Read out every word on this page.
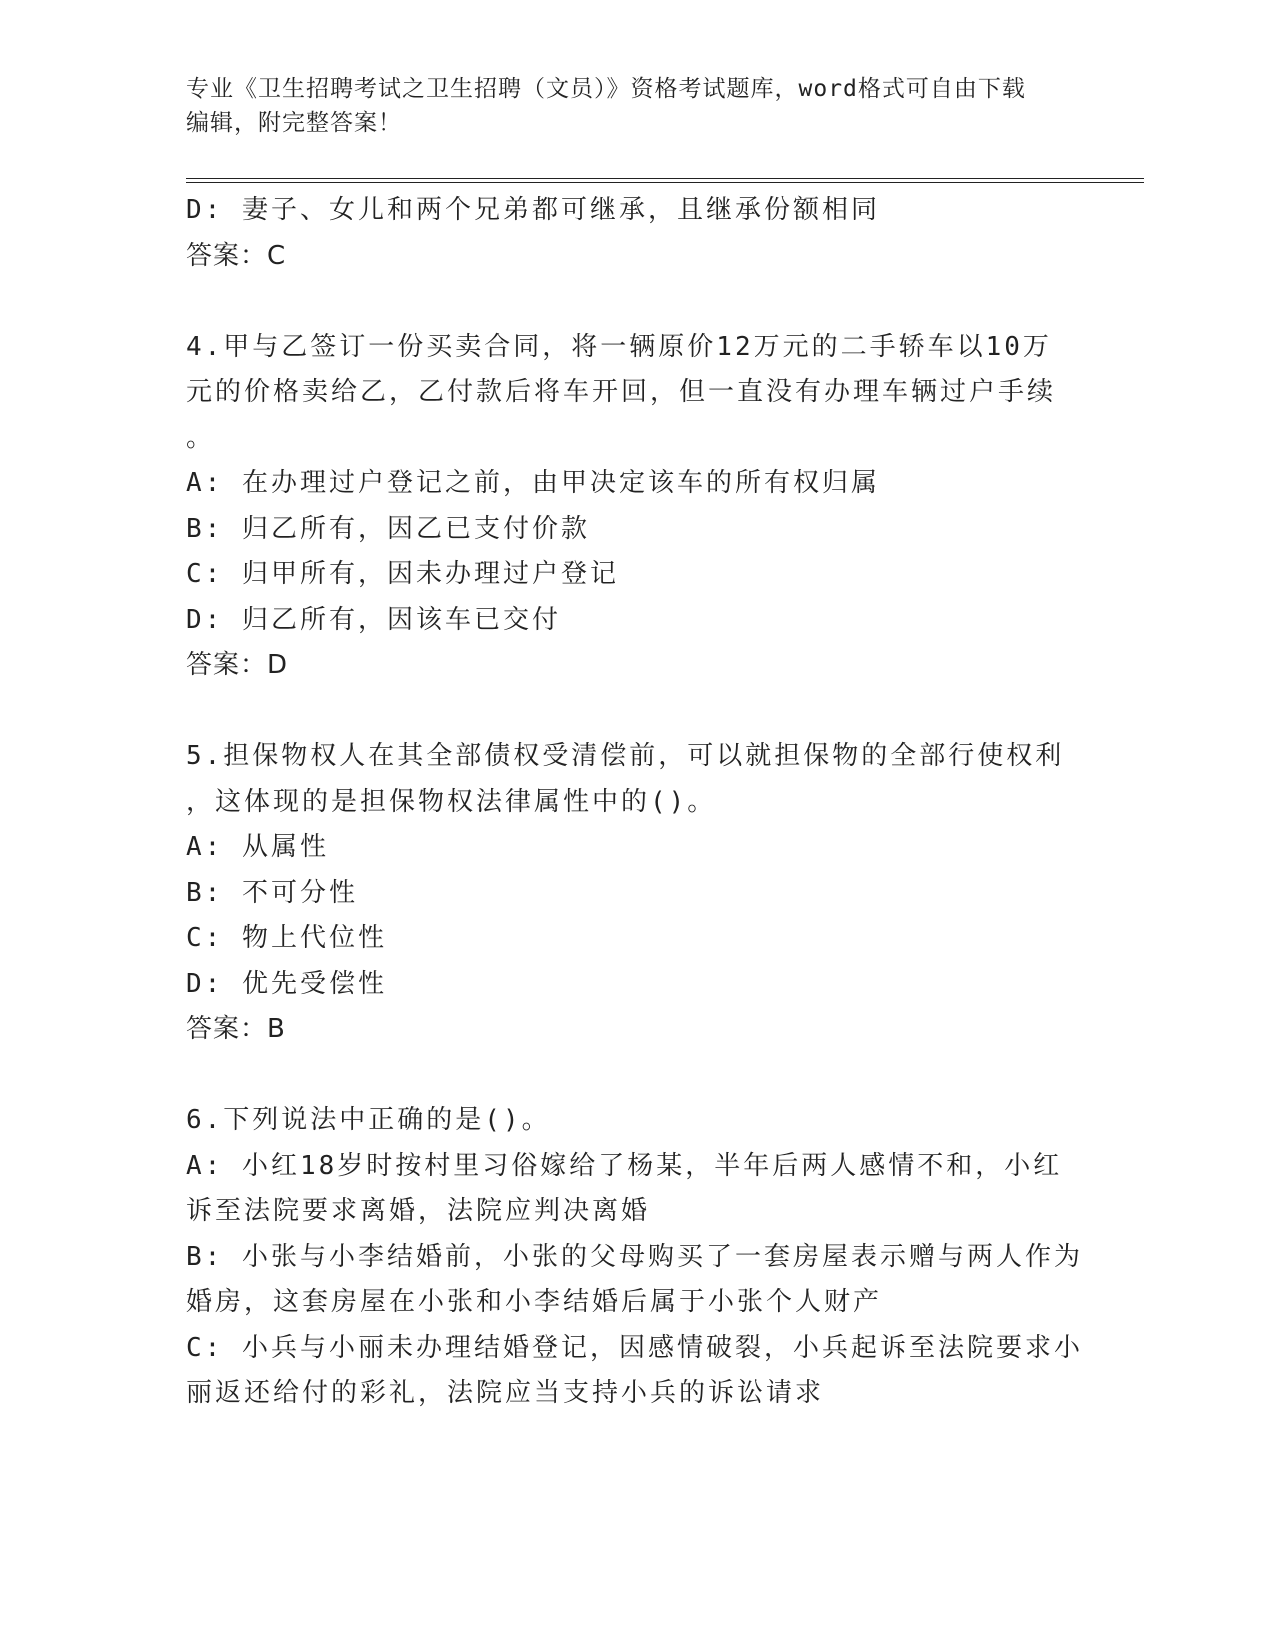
专业《卫生招聘考试之卫生招聘（文员）》资格考试题库，word格式可自由下载
编辑，附完整答案！
D: 妻子、女儿和两个兄弟都可继承，且继承份额相同
答案：C
4.甲与乙签订一份买卖合同，将一辆原价12万元的二手轿车以10万
元的价格卖给乙，乙付款后将车开回，但一直没有办理车辆过户手续
。
A: 在办理过户登记之前，由甲决定该车的所有权归属
B: 归乙所有，因乙已支付价款
C: 归甲所有，因未办理过户登记
D: 归乙所有，因该车已交付
答案：D
5.担保物权人在其全部债权受清偿前，可以就担保物的全部行使权利
，这体现的是担保物权法律属性中的()。
A: 从属性
B: 不可分性
C: 物上代位性
D: 优先受偿性
答案：B
6.下列说法中正确的是()。
A: 小红18岁时按村里习俗嫁给了杨某，半年后两人感情不和，小红
诉至法院要求离婚，法院应判决离婚
B: 小张与小李结婚前，小张的父母购买了一套房屋表示赠与两人作为
婚房，这套房屋在小张和小李结婚后属于小张个人财产
C: 小兵与小丽未办理结婚登记，因感情破裂，小兵起诉至法院要求小
丽返还给付的彩礼，法院应当支持小兵的诉讼请求
